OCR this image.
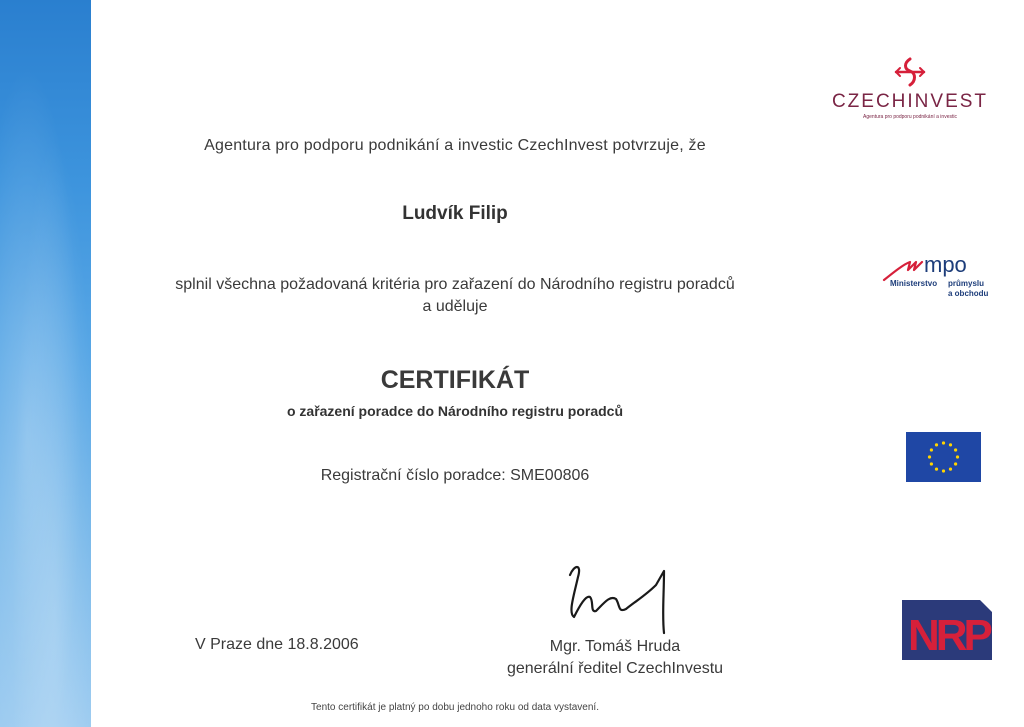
Agentura pro podporu podnikání a investic CzechInvest potvrzuje, že
Ludvík Filip
splnil všechna požadovaná kritéria pro zařazení do Národního registru poradců
a uděluje
CERTIFIKÁT
o zařazení poradce do Národního registru poradců
Registrační číslo poradce: SME00806
V Praze dne 18.8.2006	Mgr. Tomáš Hruda
generální ředitel CzechInvestu
Tento certifikát je platný po dobu jednoho roku od data vystavení.
CZECHINVEST
Agentura pro podporu podnikání a investic
mpo
Ministerstvo průmyslu
a obchodu
NRP
